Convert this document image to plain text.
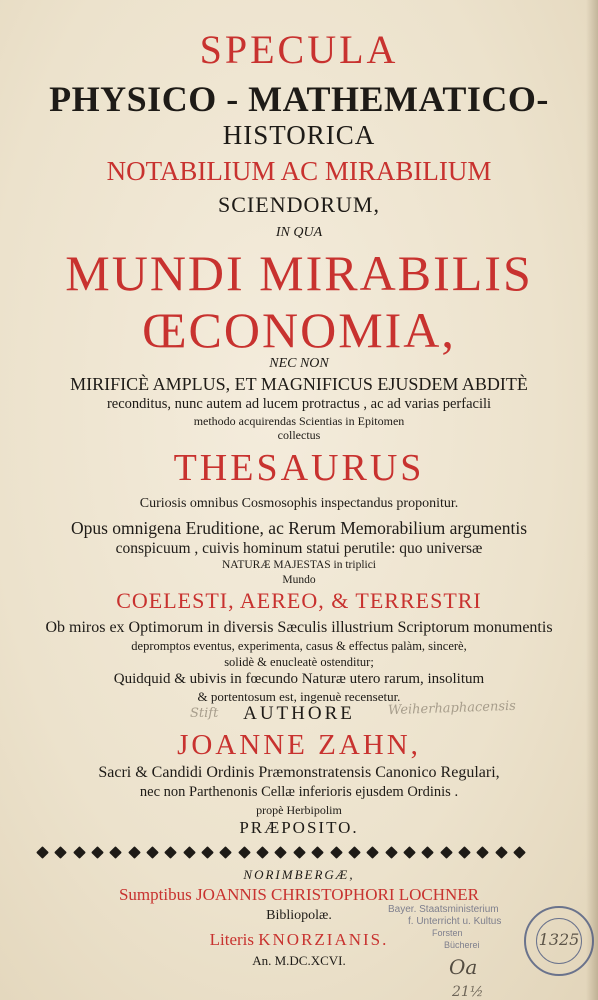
SPECULA
PHYSICO - MATHEMATICO-
HISTORICA
NOTABILIUM AC MIRABILIUM
SCIENDORUM,
IN QUA
MUNDI MIRABILIS
ŒCONOMIA,
NEC NON
MIRIFICÈ AMPLUS, ET MAGNIFICUS EJUSDEM ABDITÈ
reconditus, nunc autem ad lucem protractus , ac ad varias perfacili
methodo acquirendas Scientias in Epitomen
collectus
THESAURUS
Curiosis omnibus Cosmosophis inspectandus proponitur.
Opus omnigena Eruditione, ac Rerum Memorabilium argumentis
conspicuum , cuivis hominum statui perutile: quo universæ
NATURÆ MAJESTAS in triplici
Mundo
COELESTI, AEREO, & TERRESTRI
Ob miros ex Optimorum in diversis Sæculis illustrium Scriptorum monumentis
depromptos eventus, experimenta, casus & effectus palàm, sincerè,
solidè & enucleatè ostenditur;
Quidquid & ubivis in fœcundo Naturæ utero rarum, insolitum
& portentosum est, ingenuè recensetur.
AUTHORE
JOANNE ZAHN,
Sacri & Candidi Ordinis Præmonstratensis Canonico Regulari,
nec non Parthenonis Cellæ inferioris ejusdem Ordinis .
propè Herbipolim
PRÆPOSITO.
NORIMBERGÆ,
Sumptibus JOANNIS CHRISTOPHORI LOCHNER
Bibliopolæ.
Literis KNORZIANIS.
An. M.DC.XCVI.
Stift	Weiherhaphacensis
Bayer. Staatsministerium
f. Unterricht u. Kultus
Forsten
Bücherei	1325
Oa
21½
